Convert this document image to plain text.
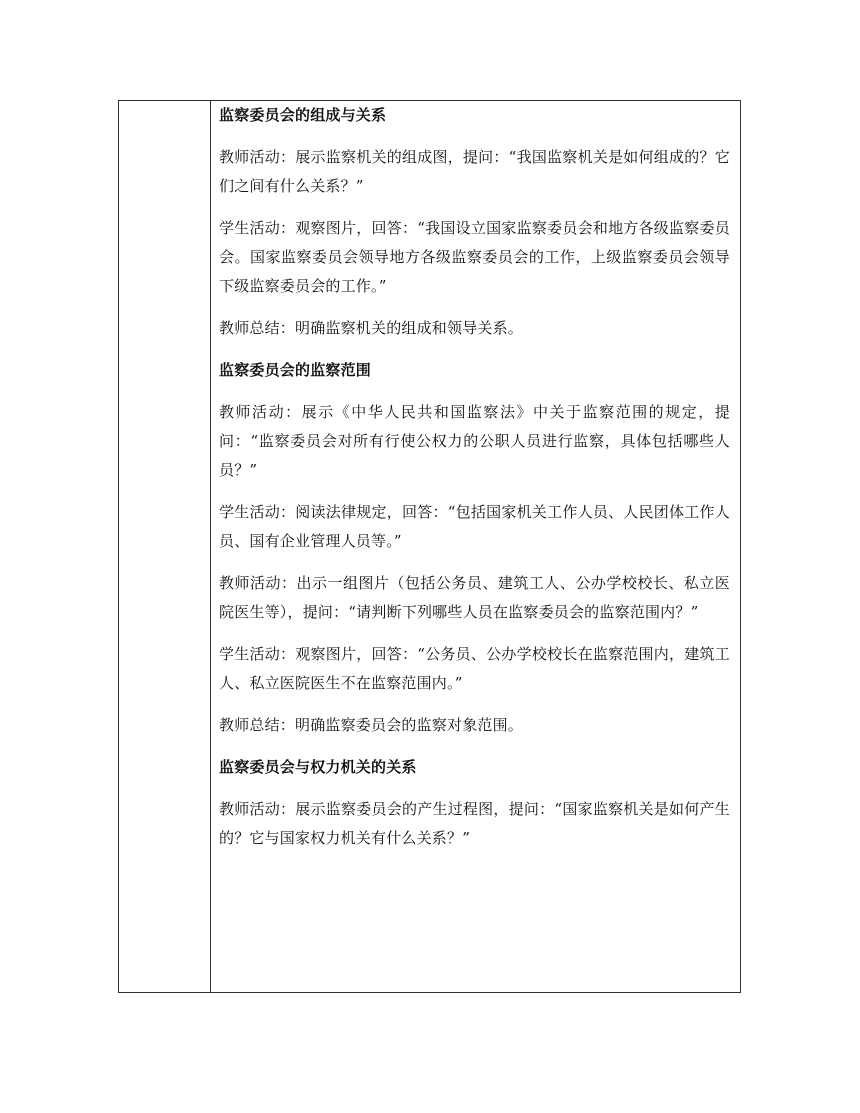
监察委员会的组成与关系
教师活动：展示监察机关的组成图，提问：“我国监察机关是如何组成的？它们之间有什么关系？”
学生活动：观察图片，回答：“我国设立国家监察委员会和地方各级监察委员会。国家监察委员会领导地方各级监察委员会的工作，上级监察委员会领导下级监察委员会的工作。”
教师总结：明确监察机关的组成和领导关系。
监察委员会的监察范围
教师活动：展示《中华人民共和国监察法》中关于监察范围的规定，提问：“监察委员会对所有行使公权力的公职人员进行监察，具体包括哪些人员？”
学生活动：阅读法律规定，回答：“包括国家机关工作人员、人民团体工作人员、国有企业管理人员等。”
教师活动：出示一组图片（包括公务员、建筑工人、公办学校校长、私立医院医生等），提问：“请判断下列哪些人员在监察委员会的监察范围内？”
学生活动：观察图片，回答：“公务员、公办学校校长在监察范围内，建筑工人、私立医院医生不在监察范围内。”
教师总结：明确监察委员会的监察对象范围。
监察委员会与权力机关的关系
教师活动：展示监察委员会的产生过程图，提问：“国家监察机关是如何产生的？它与国家权力机关有什么关系？”
